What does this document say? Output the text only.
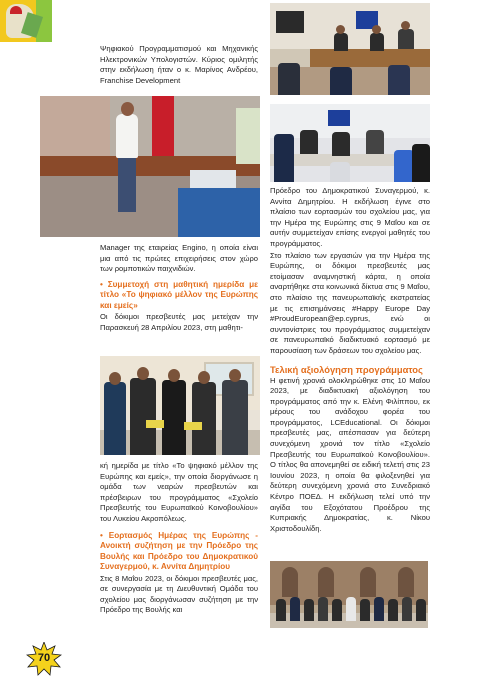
Ψηφιακού Προγραμματισμού και Μηχανικής Ηλεκτρονικών Υπολογιστών. Κύριος ομιλητής στην εκδήλωση ήταν ο κ. Μαρίνος Ανδρέου, Franchise Development

Manager της εταιρείας Engino, η οποία είναι μια από τις πρώτες επιχειρήσεις στον χώρο των ρομποτικών παιχνιδιών.

• Συμμετοχή στη μαθητική ημερίδα με τίτλο «Το ψηφιακό μέλλον της Ευρώπης και εμείς»

Οι δόκιμοι πρεσβευτές μας μετείχαν την Παρασκευή 28 Απριλίου 2023, στη μαθητι-

κή ημερίδα με τίτλο «Το ψηφιακό μέλλον της Ευρώπης και εμείς», την οποία διοργάνωσε η ομάδα των νεαρών πρεσβευτών και πρέσβειρων του προγράμματος «Σχολείο Πρεσβευτής του Ευρωπαϊκού Κοινοβουλίου» του Λυκείου Ακροπόλεως.

• Εορτασμός Ημέρας της Ευρώπης - Ανοικτή συζήτηση με την Πρόεδρο της Βουλής και Πρόεδρο του Δημοκρατικού Συναγερμού, κ. Αννίτα Δημητρίου

Στις 8 Μαΐου 2023, οι δόκιμοι πρεσβευτές μας, σε συνεργασία με τη Διευθυντική Ομάδα του σχολείου μας διοργάνωσαν συζήτηση με την Πρόεδρο της Βουλής και

Πρόεδρο του Δημοκρατικού Συναγερμού, κ. Αννίτα Δημητρίου. Η εκδήλωση έγινε στο πλαίσιο των εορτασμών του σχολείου μας, για την Ημέρα της Ευρώπης στις 9 Μαΐου και σε αυτήν συμμετείχαν επίσης ενεργοί μαθητές του προγράμματος.

Στο πλαίσιο των εργασιών για την Ημέρα της Ευρώπης, οι δόκιμοι πρεσβευτές μας ετοίμασαν αναμνηστική κάρτα, η οποία αναρτήθηκε στα κοινωνικά δίκτυα στις 9 Μαΐου, στο πλαίσιο της πανευρωπαϊκής εκστρατείας με τις επισημάνσεις #Happy Europe Day #ProudEuropean@ep.cyprus, ενώ οι συντονίστριες του προγράμματος συμμετείχαν σε πανευρωπαϊκό διαδικτυακό εορτασμό με παρουσίαση των δράσεων του σχολείου μας.

Τελική αξιολόγηση προγράμματος

Η φετινή χρονιά ολοκληρώθηκε στις 10 Μαΐου 2023, με διαδικτυακή αξιολόγηση του προγράμματος από την κ. Ελένη Φιλίππου, εκ μέρους του ανάδοχου φορέα του προγράμματος, LCEducational. Οι δόκιμοι πρεσβευτές μας, απέσπασαν για δεύτερη συνεχόμενη χρονιά τον τίτλο «Σχολείο Πρεσβευτής του Ευρωπαϊκού Κοινοβουλίου». Ο τίτλος θα απονεμηθεί σε ειδική τελετή στις 23 Ιουνίου 2023, η οποία θα φιλοξενηθεί για δεύτερη συνεχόμενη χρονιά στο Συνεδριακό Κέντρο ΠΟΕΔ. Η εκδήλωση τελεί υπό την αιγίδα του Εξοχότατου Προέδρου της Κυπριακής Δημοκρατίας, κ. Νίκου Χριστοδουλίδη.

70
